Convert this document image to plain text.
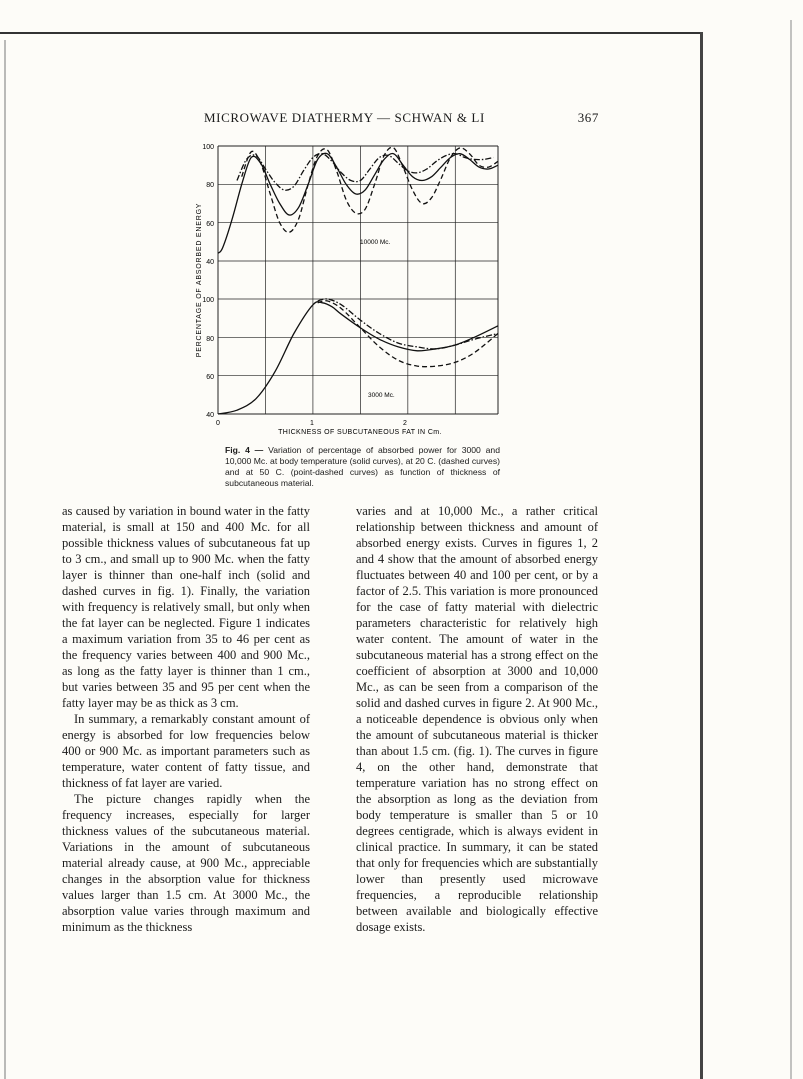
MICROWAVE DIATHERMY — SCHWAN & LI	367
100
80
60
40
100
80
60
40
0	1	2
PERCENTAGE OF ABSORBED ENERGY
THICKNESS OF SUBCUTANEOUS FAT IN Cm.
10000 Mc.
3000 Mc.
Fig. 4 — Variation of percentage of absorbed power for 3000 and 10,000 Mc. at body temperature (solid curves), at 20 C. (dashed curves) and at 50 C. (point-dashed curves) as function of thickness of subcutaneous material.

as caused by variation in bound water in the fatty material, is small at 150 and 400 Mc. for all possible thickness values of subcutaneous fat up to 3 cm., and small up to 900 Mc. when the fatty layer is thinner than one-half inch (solid and dashed curves in fig. 1). Finally, the variation with frequency is relatively small, but only when the fat layer can be neglected. Figure 1 indicates a maximum variation from 35 to 46 per cent as the frequency varies between 400 and 900 Mc., as long as the fatty layer is thinner than 1 cm., but varies between 35 and 95 per cent when the fatty layer may be as thick as 3 cm.

In summary, a remarkably constant amount of energy is absorbed for low frequencies below 400 or 900 Mc. as important parameters such as temperature, water content of fatty tissue, and thickness of fat layer are varied.

The picture changes rapidly when the frequency increases, especially for larger thickness values of the subcutaneous material. Variations in the amount of subcutaneous material already cause, at 900 Mc., appreciable changes in the absorption value for thickness values larger than 1.5 cm. At 3000 Mc., the absorption value varies through maximum and minimum as the thickness

varies and at 10,000 Mc., a rather critical relationship between thickness and amount of absorbed energy exists. Curves in figures 1, 2 and 4 show that the amount of absorbed energy fluctuates between 40 and 100 per cent, or by a factor of 2.5. This variation is more pronounced for the case of fatty material with dielectric parameters characteristic for relatively high water content. The amount of water in the subcutaneous material has a strong effect on the coefficient of absorption at 3000 and 10,000 Mc., as can be seen from a comparison of the solid and dashed curves in figure 2. At 900 Mc., a noticeable dependence is obvious only when the amount of subcutaneous material is thicker than about 1.5 cm. (fig. 1). The curves in figure 4, on the other hand, demonstrate that temperature variation has no strong effect on the absorption as long as the deviation from body temperature is smaller than 5 or 10 degrees centigrade, which is always evident in clinical practice. In summary, it can be stated that only for frequencies which are substantially lower than presently used microwave frequencies, a reproducible relationship between available and biologically effective dosage exists.
